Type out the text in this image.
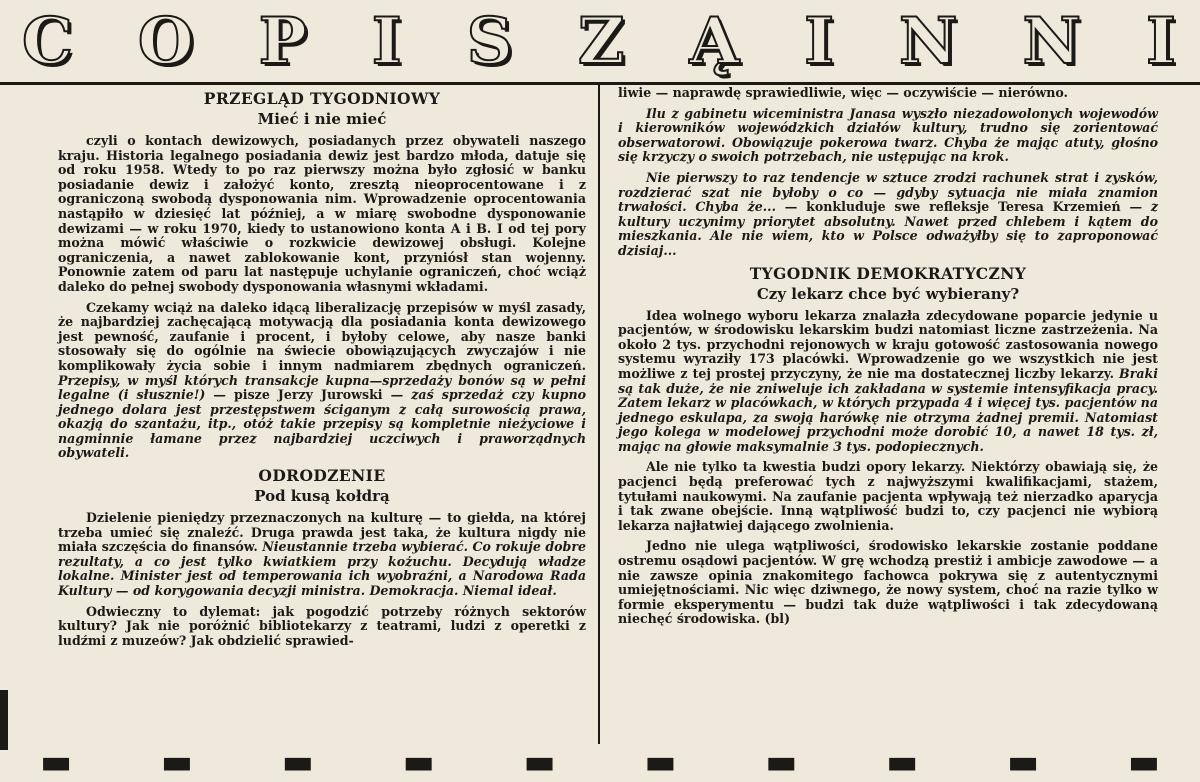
C O P I S Z Ą I N N I
PRZEGLĄD TYGODNIOWY
Mieć i nie mieć

czyli o kontach dewizowych, posiadanych przez obywateli naszego kraju. Historia legalnego posiadania dewiz jest bardzo młoda, datuje się od roku 1958. Wtedy to po raz pierwszy można było zgłosić w banku posiadanie dewiz i założyć konto, zresztą nieoprocentowane i z ograniczoną swobodą dysponowania nim. Wprowadzenie oprocentowania nastąpiło w dziesięć lat później, a w miarę swobodne dysponowanie dewizami — w roku 1970, kiedy to ustanowiono konta A i B. I od tej pory można mówić właściwie o rozkwicie dewizowej obsługi. Kolejne ograniczenia, a nawet zablokowanie kont, przyniósł stan wojenny. Ponownie zatem od paru lat następuje uchylanie ograniczeń, choć wciąż daleko do pełnej swobody dysponowania własnymi wkładami.

Czekamy wciąż na daleko idącą liberalizację przepisów w myśl zasady, że najbardziej zachęcającą motywacją dla posiadania konta dewizowego jest pewność, zaufanie i procent, i byłoby celowe, aby nasze banki stosowały się do ogólnie na świecie obowiązujących zwyczajów i nie komplikowały życia sobie i innym nadmiarem zbędnych ograniczeń. Przepisy, w myśl których transakcje kupna—sprzedaży bonów są w pełni legalne (i słusznie!) — pisze Jerzy Jurowski — zaś sprzedaż czy kupno jednego dolara jest przestępstwem ściganym z całą surowością prawa, okazją do szantażu, itp., otóż takie przepisy są kompletnie nieżyciowe i nagminnie łamane przez najbardziej uczciwych i praworządnych obywateli.

ODRODZENIE
Pod kusą kołdrą

Dzielenie pieniędzy przeznaczonych na kulturę — to giełda, na której trzeba umieć się znaleźć. Druga prawda jest taka, że kultura nigdy nie miała szczęścia do finansów. Nieustannie trzeba wybierać. Co rokuje dobre rezultaty, a co jest tylko kwiatkiem przy kożuchu. Decydują władze lokalne. Minister jest od temperowania ich wyobraźni, a Narodowa Rada Kultury — od korygowania decyzji ministra. Demokracja. Niemal ideał.

Odwieczny to dylemat: jak pogodzić potrzeby różnych sektorów kultury? Jak nie poróżnić bibliotekarzy z teatrami, ludzi z operetki z ludźmi z muzeów? Jak obdzielić sprawied-

liwie — naprawdę sprawiedliwie, więc — oczywiście — nierówno.

Ilu z gabinetu wiceministra Janasa wyszło niezadowolonych wojewodów i kierowników wojewódzkich działów kultury, trudno się zorientować obserwatorowi. Obowiązuje pokerowa twarz. Chyba że mając atuty, głośno się krzyczy o swoich potrzebach, nie ustępując na krok.

Nie pierwszy to raz tendencje w sztuce zrodzi rachunek strat i zysków, rozdzierać szat nie byłoby o co — gdyby sytuacja nie miała znamion trwałości. Chyba że... — konkluduje swe refleksje Teresa Krzemień — z kultury uczynimy priorytet absolutny. Nawet przed chlebem i kątem do mieszkania. Ale nie wiem, kto w Polsce odważyłby się to zaproponować dzisiaj...

TYGODNIK DEMOKRATYCZNY
Czy lekarz chce być wybierany?

Idea wolnego wyboru lekarza znalazła zdecydowane poparcie jedynie u pacjentów, w środowisku lekarskim budzi natomiast liczne zastrzeżenia. Na około 2 tys. przychodni rejonowych w kraju gotowość zastosowania nowego systemu wyraziły 173 placówki. Wprowadzenie go we wszystkich nie jest możliwe z tej prostej przyczyny, że nie ma dostatecznej liczby lekarzy. Braki są tak duże, że nie zniweluje ich zakładana w systemie intensyfikacja pracy. Zatem lekarz w placówkach, w których przypada 4 i więcej tys. pacjentów na jednego eskulapa, za swoją harówkę nie otrzyma żadnej premii. Natomiast jego kolega w modelowej przychodni może dorobić 10, a nawet 18 tys. zł, mając na głowie maksymalnie 3 tys. podopiecznych.

Ale nie tylko ta kwestia budzi opory lekarzy. Niektórzy obawiają się, że pacjenci będą preferować tych z najwyższymi kwalifikacjami, stażem, tytułami naukowymi. Na zaufanie pacjenta wpływają też nierzadko aparycja i tak zwane obejście. Inną wątpliwość budzi to, czy pacjenci nie wybiorą lekarza najłatwiej dającego zwolnienia.

Jedno nie ulega wątpliwości, środowisko lekarskie zostanie poddane ostremu osądowi pacjentów. W grę wchodzą prestiż i ambicje zawodowe — a nie zawsze opinia znakomitego fachowca pokrywa się z autentycznymi umiejętnościami. Nic więc dziwnego, że nowy system, choć na razie tylko w formie eksperymentu — budzi tak duże wątpliwości i tak zdecydowaną niechęć środowiska. (bl)

▬	▬	▬	▬	▬	▬	▬	▬	▬	▬
